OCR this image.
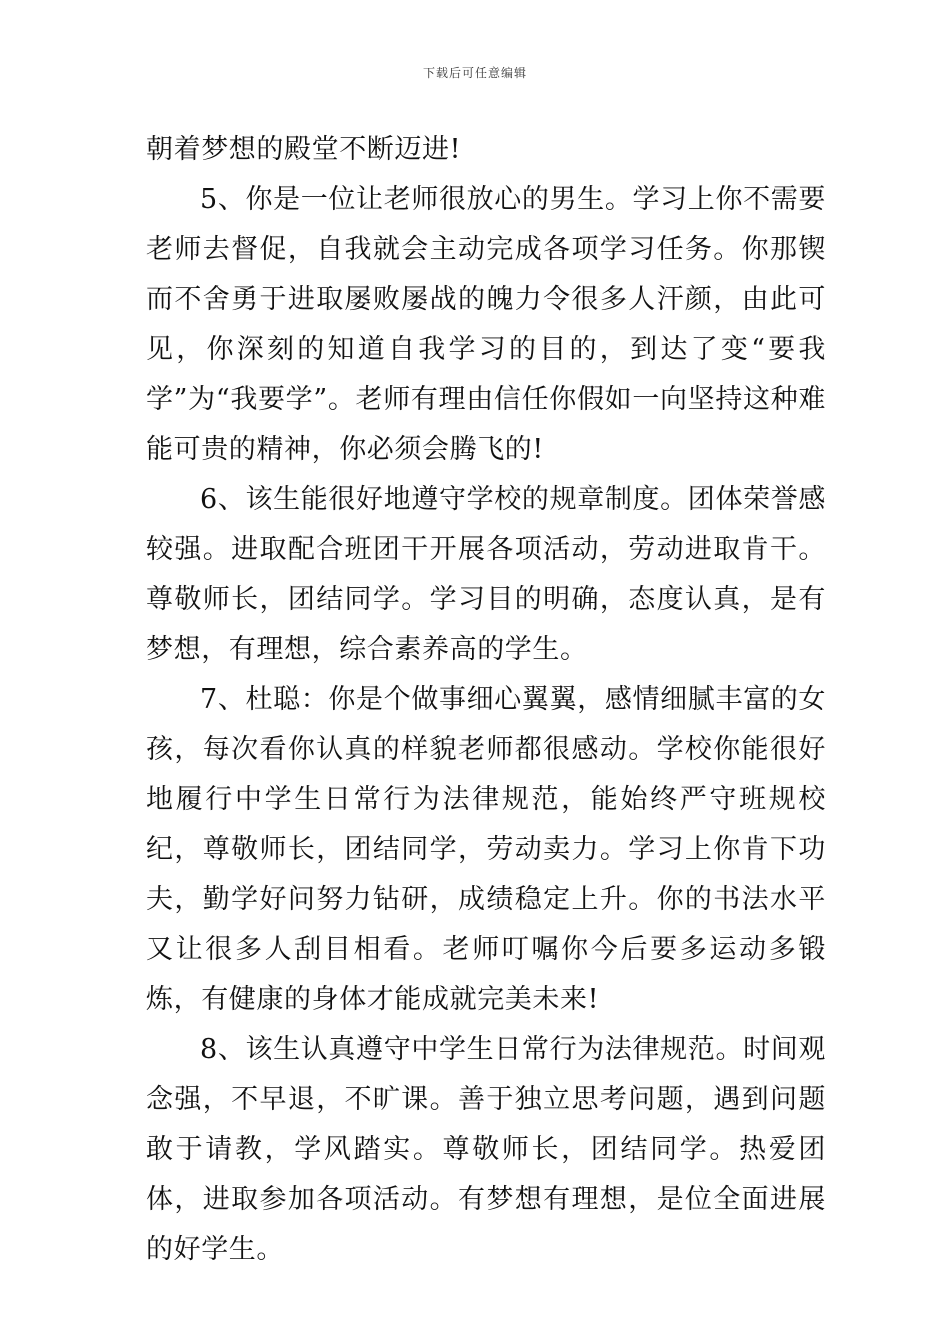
下载后可任意编辑

朝着梦想的殿堂不断迈进!

5、你是一位让老师很放心的男生。学习上你不需要老师去督促，自我就会主动完成各项学习任务。你那锲而不舍勇于进取屡败屡战的魄力令很多人汗颜，由此可见，你深刻的知道自我学习的目的，到达了变“要我学”为“我要学”。老师有理由信任你假如一向坚持这种难能可贵的精神，你必须会腾飞的!

6、该生能很好地遵守学校的规章制度。团体荣誉感较强。进取配合班团干开展各项活动，劳动进取肯干。尊敬师长，团结同学。学习目的明确，态度认真，是有梦想，有理想，综合素养高的学生。

7、杜聪：你是个做事细心翼翼，感情细腻丰富的女孩，每次看你认真的样貌老师都很感动。学校你能很好地履行中学生日常行为法律规范，能始终严守班规校纪，尊敬师长，团结同学，劳动卖力。学习上你肯下功夫，勤学好问努力钻研，成绩稳定上升。你的书法水平又让很多人刮目相看。老师叮嘱你今后要多运动多锻炼，有健康的身体才能成就完美未来!

8、该生认真遵守中学生日常行为法律规范。时间观念强，不早退，不旷课。善于独立思考问题，遇到问题敢于请教，学风踏实。尊敬师长，团结同学。热爱团体，进取参加各项活动。有梦想有理想，是位全面进展的好学生。
